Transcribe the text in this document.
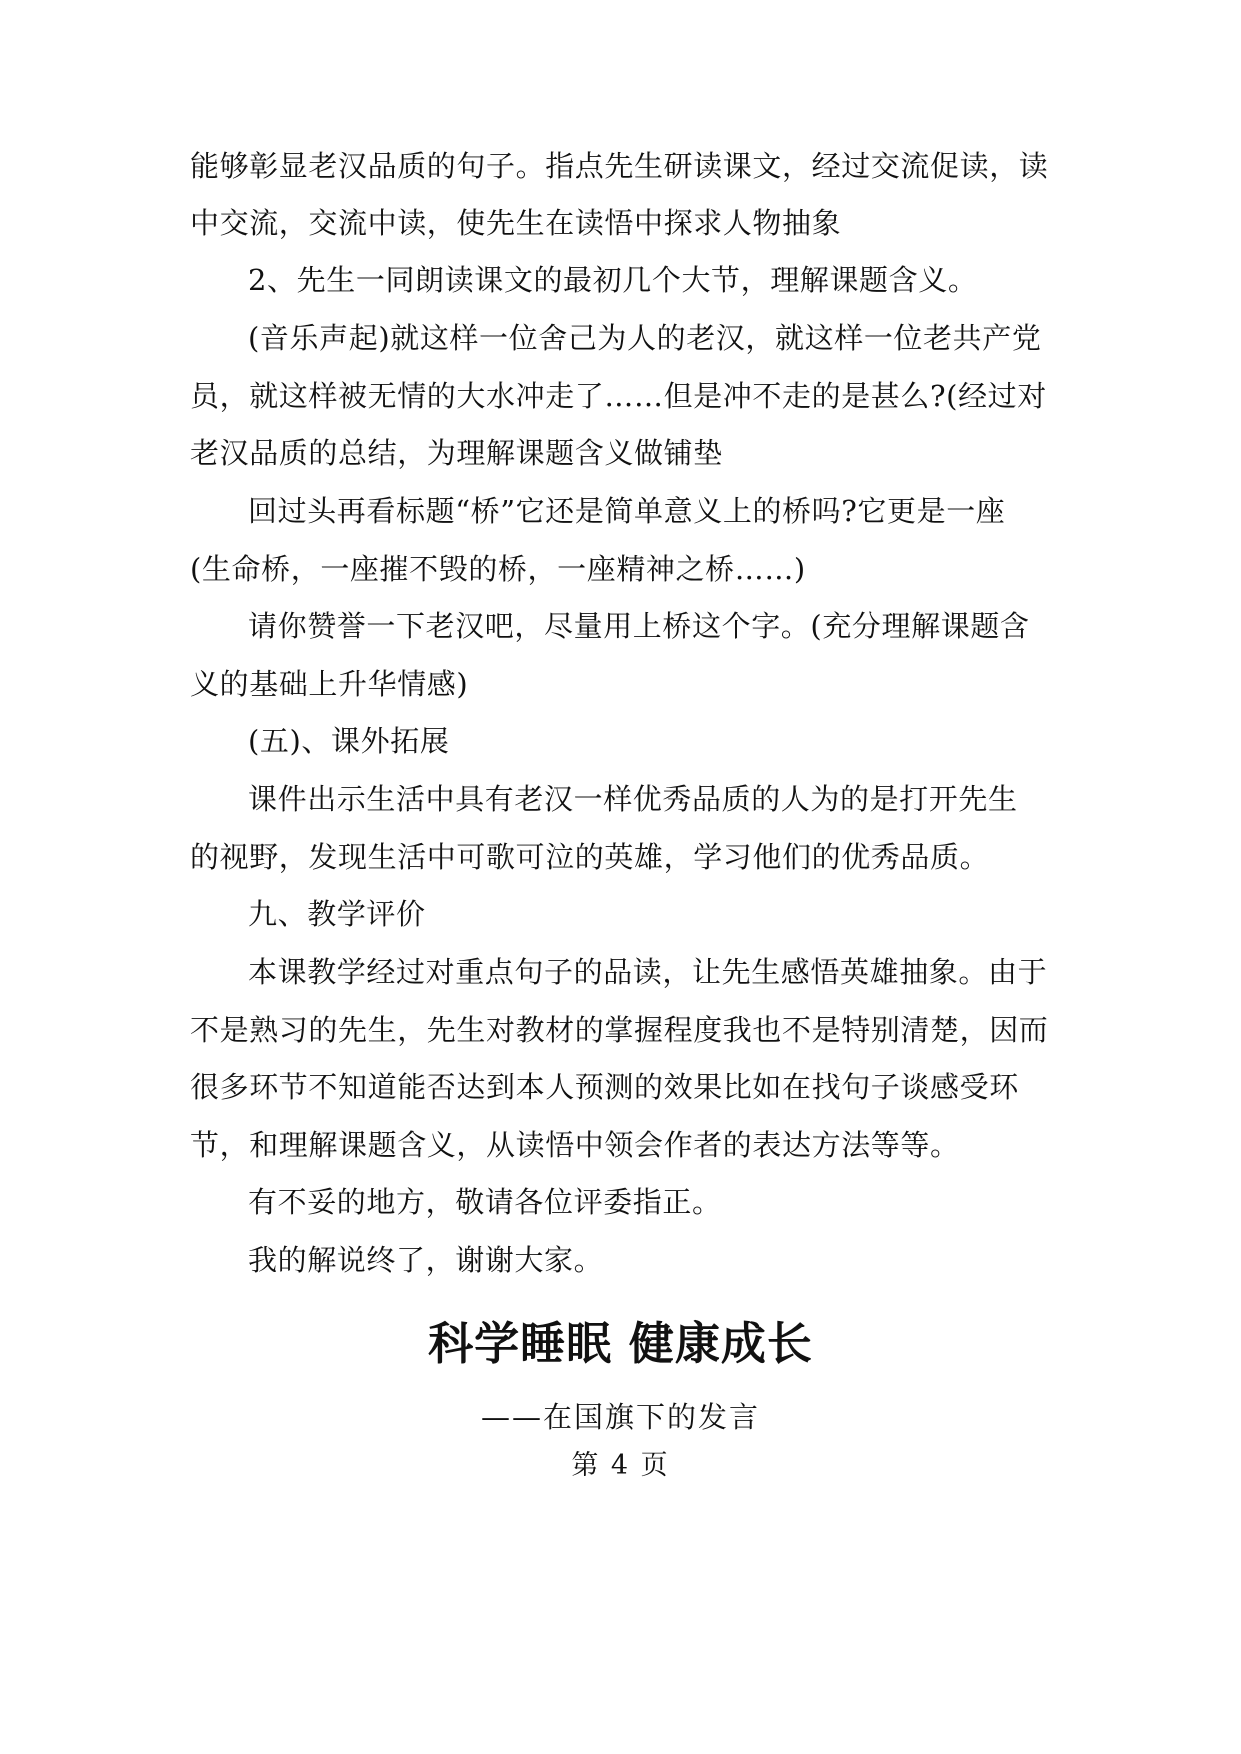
能够彰显老汉品质的句子。指点先生研读课文，经过交流促读，读
中交流，交流中读，使先生在读悟中探求人物抽象
2、先生一同朗读课文的最初几个大节，理解课题含义。
(音乐声起)就这样一位舍己为人的老汉，就这样一位老共产党
员，就这样被无情的大水冲走了……但是冲不走的是甚么?(经过对
老汉品质的总结，为理解课题含义做铺垫
回过头再看标题“桥”它还是简单意义上的桥吗?它更是一座
(生命桥，一座摧不毁的桥，一座精神之桥……)
请你赞誉一下老汉吧，尽量用上桥这个字。(充分理解课题含
义的基础上升华情感)
(五)、课外拓展
课件出示生活中具有老汉一样优秀品质的人为的是打开先生
的视野，发现生活中可歌可泣的英雄，学习他们的优秀品质。
九、教学评价
本课教学经过对重点句子的品读，让先生感悟英雄抽象。由于
不是熟习的先生，先生对教材的掌握程度我也不是特别清楚，因而
很多环节不知道能否达到本人预测的效果比如在找句子谈感受环
节，和理解课题含义，从读悟中领会作者的表达方法等等。
有不妥的地方，敬请各位评委指正。
我的解说终了，谢谢大家。
科学睡眠 健康成长
——在国旗下的发言
第 4 页
